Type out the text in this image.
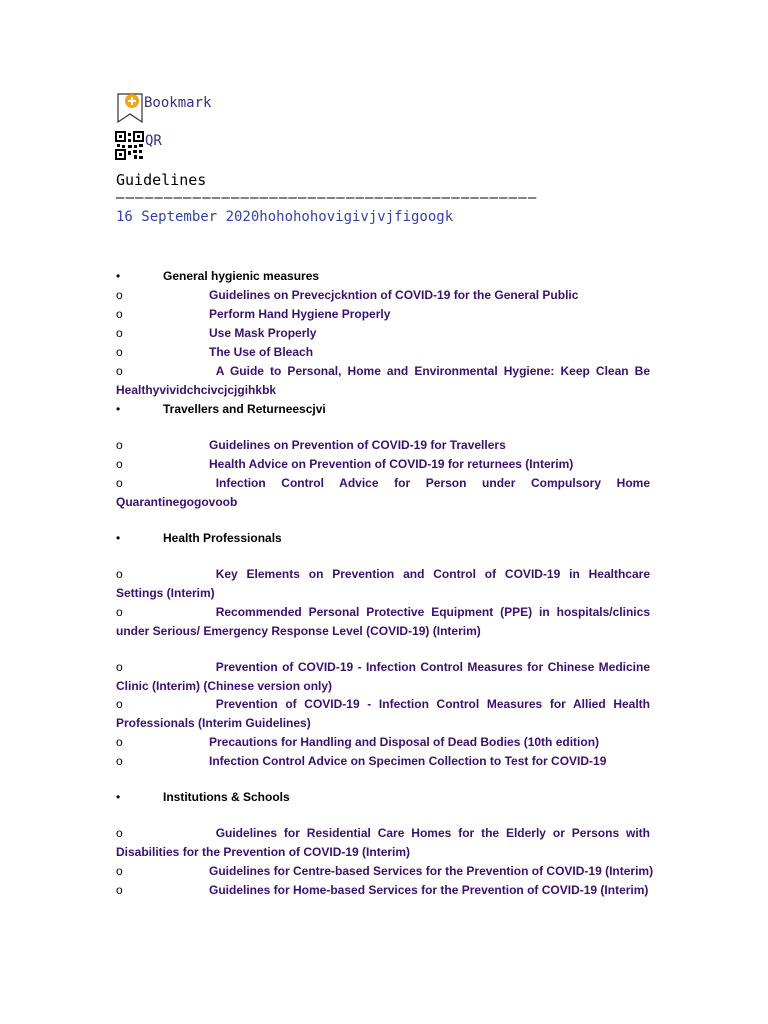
Bookmark
QR
Guidelines
————————————————————————————————————————————
16 September 2020hohohohovigivjvjfigoogk
•	General hygienic measures
o	Guidelines on Prevecjckntion of COVID-19 for the General Public
o	Perform Hand Hygiene Properly
o	Use Mask Properly
o	The Use of Bleach
o	A Guide to Personal, Home and Environmental Hygiene: Keep Clean Be Healthyvividchcivcjcjgihkbk
•	Travellers and Returneescjvi
o	Guidelines on Prevention of COVID-19 for Travellers
o	Health Advice on Prevention of COVID-19 for returnees (Interim)
o	Infection Control Advice for Person under Compulsory Home Quarantinegogovoob
•	Health Professionals
o	Key Elements on Prevention and Control of COVID-19 in Healthcare Settings (Interim)
o	Recommended Personal Protective Equipment (PPE) in hospitals/clinics under Serious/ Emergency Response Level (COVID-19) (Interim)
o	Prevention of COVID-19 - Infection Control Measures for Chinese Medicine Clinic (Interim) (Chinese version only)
o	Prevention of COVID-19 - Infection Control Measures for Allied Health Professionals (Interim Guidelines)
o	Precautions for Handling and Disposal of Dead Bodies (10th edition)
o	Infection Control Advice on Specimen Collection to Test for COVID-19
•	Institutions & Schools
o	Guidelines for Residential Care Homes for the Elderly or Persons with Disabilities for the Prevention of COVID-19 (Interim)
o	Guidelines for Centre-based Services for the Prevention of COVID-19 (Interim)
o	Guidelines for Home-based Services for the Prevention of COVID-19 (Interim)
